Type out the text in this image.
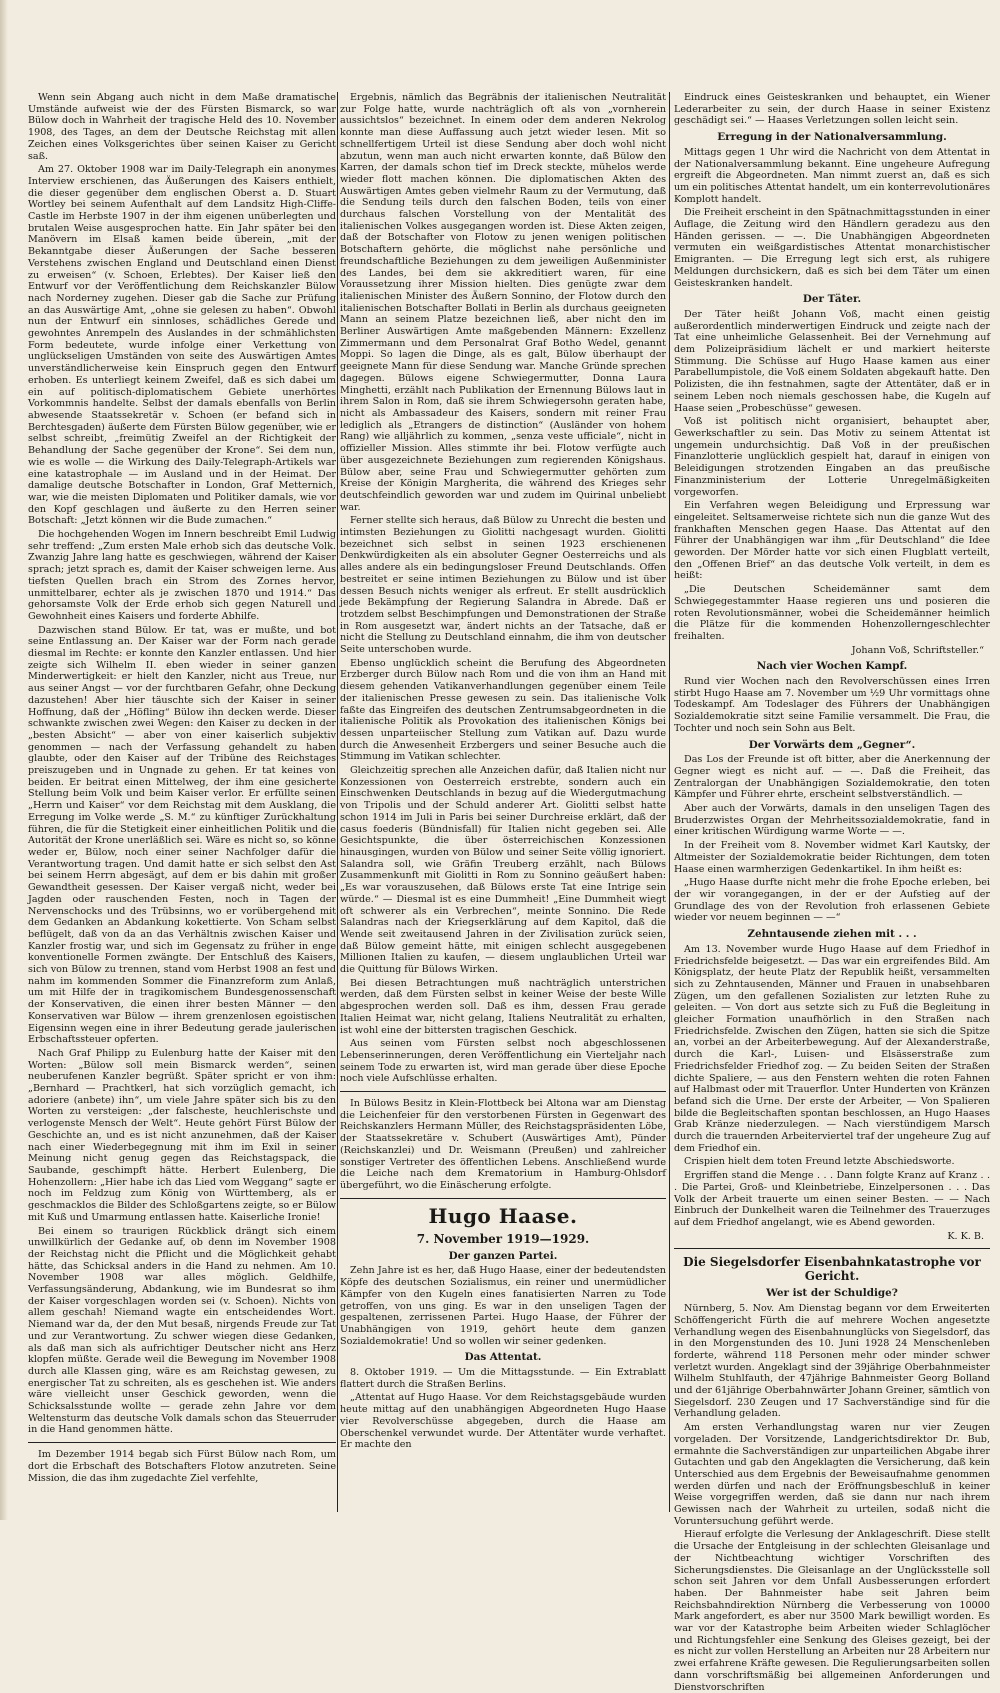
Wenn sein Abgang auch nicht in dem Maße dramatische Umstände aufweist wie der des Fürsten Bismarck, so war Bülow doch in Wahrheit der tragische Held des 10. November 1908, des Tages, an dem der Deutsche Reichstag mit allen Zeichen eines Volksgerichtes über seinen Kaiser zu Gericht saß.

Am 27. Oktober 1908 war im Daily-Telegraph ein anonymes Interview erschienen, das Äußerungen des Kaisers enthielt, die dieser gegenüber dem englischen Oberst a. D. Stuart Wortley bei seinem Aufenthalt auf dem Landsitz High-Cliffe-Castle im Herbste 1907 in der ihm eigenen unüberlegten und brutalen Weise ausgesprochen hatte. Ein Jahr später bei den Manövern im Elsaß kamen beide überein, „mit der Bekanntgabe dieser Äußerungen der Sache besseren Verstehens zwischen England und Deutschland einen Dienst zu erweisen“ (v. Schoen, Erlebtes). Der Kaiser ließ den Entwurf vor der Veröffentlichung dem Reichskanzler Bülow nach Norderney zugehen. Dieser gab die Sache zur Prüfung an das Auswärtige Amt, „ohne sie gelesen zu haben“. Obwohl nun der Entwurf ein sinnloses, schädliches Gerede und gewohntes Anrempeln des Auslandes in der schmählichsten Form bedeutete, wurde infolge einer Verkettung von unglückseligen Umständen von seite des Auswärtigen Amtes unverständlicherweise kein Einspruch gegen den Entwurf erhoben. Es unterliegt keinem Zweifel, daß es sich dabei um ein auf politisch-diplomatischem Gebiete unerhörtes Vorkommnis handelte. Selbst der damals ebenfalls von Berlin abwesende Staatssekretär v. Schoen (er befand sich in Berchtesgaden) äußerte dem Fürsten Bülow gegenüber, wie er selbst schreibt, „freimütig Zweifel an der Richtigkeit der Behandlung der Sache gegenüber der Krone“. Sei dem nun, wie es wolle — die Wirkung des Daily-Telegraph-Artikels war eine katastrophale — im Ausland und in der Heimat. Der damalige deutsche Botschafter in London, Graf Metternich, war, wie die meisten Diplomaten und Politiker damals, wie vor den Kopf geschlagen und äußerte zu den Herren seiner Botschaft: „Jetzt können wir die Bude zumachen.“

Die hochgehenden Wogen im Innern beschreibt Emil Ludwig sehr treffend: „Zum ersten Male erhob sich das deutsche Volk. Zwanzig Jahre lang hatte es geschwiegen, während der Kaiser sprach; jetzt sprach es, damit der Kaiser schweigen lerne. Aus tiefsten Quellen brach ein Strom des Zornes hervor, unmittelbarer, echter als je zwischen 1870 und 1914.“ Das gehorsamste Volk der Erde erhob sich gegen Naturell und Gewohnheit eines Kaisers und forderte Abhilfe.

Dazwischen stand Bülow. Er tat, was er mußte, und bot seine Entlassung an. Der Kaiser war der Form nach gerade diesmal im Rechte: er konnte den Kanzler entlassen. Und hier zeigte sich Wilhelm II. eben wieder in seiner ganzen Minderwertigkeit: er hielt den Kanzler, nicht aus Treue, nur aus seiner Angst — vor der furchtbaren Gefahr, ohne Deckung dazustehen! Aber hier täuschte sich der Kaiser in seiner Hoffnung, daß der „Höfling“ Bülow ihn decken werde. Dieser schwankte zwischen zwei Wegen: den Kaiser zu decken in der „besten Absicht“ — aber von einer kaiserlich subjektiv genommen — nach der Verfassung gehandelt zu haben glaubte, oder den Kaiser auf der Tribüne des Reichstages preiszugeben und in Ungnade zu gehen. Er tat keines von beiden. Er beitrat einen Mittelweg, der ihm eine gesicherte Stellung beim Volk und beim Kaiser verlor. Er erfüllte seinen „Herrn und Kaiser“ vor dem Reichstag mit dem Ausklang, die Erregung im Volke werde „S. M.“ zu künftiger Zurückhaltung führen, die für die Stetigkeit einer einheitlichen Politik und die Autorität der Krone unerläßlich sei. Wäre es nicht so, so könne weder er, Bülow, noch einer seiner Nachfolger dafür die Verantwortung tragen. Und damit hatte er sich selbst den Ast bei seinem Herrn abgesägt, auf dem er bis dahin mit großer Gewandtheit gesessen. Der Kaiser vergaß nicht, weder bei Jagden oder rauschenden Festen, noch in Tagen der Nervenschocks und des Trübsinns, wo er vorübergehend mit dem Gedanken an Abdankung kokettierte. Von Scham selbst beflügelt, daß von da an das Verhältnis zwischen Kaiser und Kanzler frostig war, und sich im Gegensatz zu früher in enge konventionelle Formen zwängte. Der Entschluß des Kaisers, sich von Bülow zu trennen, stand vom Herbst 1908 an fest und nahm im kommenden Sommer die Finanzreform zum Anlaß, um mit Hilfe der in tragikomischem Bundesgenossenschaft der Konservativen, die einen ihrer besten Männer — den Konservativen war Bülow — ihrem grenzenlosen egoistischen Eigensinn wegen eine in ihrer Bedeutung gerade jaulerischen Erbschaftssteuer opferten.

Nach Graf Philipp zu Eulenburg hatte der Kaiser mit den Worten: „Bülow soll mein Bismarck werden“, seinen neuberufenen Kanzler begrüßt. Später spricht er von ihm: „Bernhard — Prachtkerl, hat sich vorzüglich gemacht, ich adoriere (anbete) ihn“, um viele Jahre später sich bis zu den Worten zu versteigen: „der falscheste, heuchlerischste und verlogenste Mensch der Welt“. Heute gehört Fürst Bülow der Geschichte an, und es ist nicht anzunehmen, daß der Kaiser nach einer Wiederbegegnung mit ihm im Exil in seiner Meinung nicht genug gegen das Reichstagspack, die Saubande, geschimpft hätte. Herbert Eulenberg, Die Hohenzollern: „Hier habe ich das Lied vom Weggang“ sagte er noch im Feldzug zum König von Württemberg, als er geschmacklos die Bilder des Schloßgartens zeigte, so er Bülow mit Kuß und Umarmung entlassen hatte. Kaiserliche Ironie!

Bei einem so traurigen Rückblick drängt sich einem unwillkürlich der Gedanke auf, ob denn im November 1908 der Reichstag nicht die Pflicht und die Möglichkeit gehabt hätte, das Schicksal anders in die Hand zu nehmen. Am 10. November 1908 war alles möglich. Geldhilfe, Verfassungsänderung, Abdankung, wie im Bundesrat so ihm der Kaiser vorgeschlagen worden sei (v. Schoen). Nichts von allem geschah! Niemand wagte ein entscheidendes Wort. Niemand war da, der den Mut besaß, nirgends Freude zur Tat und zur Verantwortung. Zu schwer wiegen diese Gedanken, als daß man sich als aufrichtiger Deutscher nicht ans Herz klopfen müßte. Gerade weil die Bewegung im November 1908 durch alle Klassen ging, wäre es am Reichstag gewesen, zu energischer Tat zu schreiten, als es geschehen ist. Wie anders wäre vielleicht unser Geschick geworden, wenn die Schicksalsstunde wollte — gerade zehn Jahre vor dem Weltensturm das deutsche Volk damals schon das Steuerruder in die Hand genommen hätte.

Im Dezember 1914 begab sich Fürst Bülow nach Rom, um dort die Erbschaft des Botschafters Flotow anzutreten. Seine Mission, die das ihm zugedachte Ziel verfehlte,

Ergebnis, nämlich das Begräbnis der italienischen Neutralität zur Folge hatte, wurde nachträglich oft als von „vornherein aussichtslos“ bezeichnet. In einem oder dem anderen Nekrolog konnte man diese Auffassung auch jetzt wieder lesen. Mit so schnellfertigem Urteil ist diese Sendung aber doch wohl nicht abzutun, wenn man auch nicht erwarten konnte, daß Bülow den Karren, der damals schon tief im Dreck steckte, mühelos werde wieder flott machen können. Die diplomatischen Akten des Auswärtigen Amtes geben vielmehr Raum zu der Vermutung, daß die Sendung teils durch den falschen Boden, teils von einer durchaus falschen Vorstellung von der Mentalität des italienischen Volkes ausgegangen worden ist. Diese Akten zeigen, daß der Botschafter von Flotow zu jenen wenigen politischen Botschaftern gehörte, die möglichst nahe persönliche und freundschaftliche Beziehungen zu dem jeweiligen Außenminister des Landes, bei dem sie akkreditiert waren, für eine Voraussetzung ihrer Mission hielten. Dies genügte zwar dem italienischen Minister des Äußern Sonnino, der Flotow durch den italienischen Botschafter Bollati in Berlin als durchaus geeigneten Mann an seinem Platze bezeichnen ließ, aber nicht den im Berliner Auswärtigen Amte maßgebenden Männern: Exzellenz Zimmermann und dem Personalrat Graf Botho Wedel, genannt Moppi. So lagen die Dinge, als es galt, Bülow überhaupt der geeignete Mann für diese Sendung war. Manche Gründe sprechen dagegen. Bülows eigene Schwiegermutter, Donna Laura Minghetti, erzählt nach Publikation der Ernennung Bülows laut in ihrem Salon in Rom, daß sie ihrem Schwiegersohn geraten habe, nicht als Ambassadeur des Kaisers, sondern mit reiner Frau lediglich als „Etrangers de distinction“ (Ausländer von hohem Rang) wie alljährlich zu kommen, „senza veste ufficiale“, nicht in offizieller Mission. Alles stimmte ihr bei. Flotow verfügte auch über ausgezeichnete Beziehungen zum regierenden Königshaus. Bülow aber, seine Frau und Schwiegermutter gehörten zum Kreise der Königin Margherita, die während des Krieges sehr deutschfeindlich geworden war und zudem im Quirinal unbeliebt war.

Ferner stellte sich heraus, daß Bülow zu Unrecht die besten und intimsten Beziehungen zu Giolitti nachgesagt wurden. Giolitti bezeichnet sich selbst in seinen 1923 erschienenen Denkwürdigkeiten als ein absoluter Gegner Oesterreichs und als alles andere als ein bedingungsloser Freund Deutschlands. Offen bestreitet er seine intimen Beziehungen zu Bülow und ist über dessen Besuch nichts weniger als erfreut. Er stellt ausdrücklich jede Bekämpfung der Regierung Salandra in Abrede. Daß er trotzdem selbst Beschimpfungen und Demonstrationen der Straße in Rom ausgesetzt war, ändert nichts an der Tatsache, daß er nicht die Stellung zu Deutschland einnahm, die ihm von deutscher Seite unterschoben wurde.

Ebenso unglücklich scheint die Berufung des Abgeordneten Erzberger durch Bülow nach Rom und die von ihm an Hand mit diesem gehenden Vatikanverhandlungen gegenüber einem Teile der italienischen Presse gewesen zu sein. Das italienische Volk faßte das Eingreifen des deutschen Zentrumsabgeordneten in die italienische Politik als Provokation des italienischen Königs bei dessen unparteiischer Stellung zum Vatikan auf. Dazu wurde durch die Anwesenheit Erzbergers und seiner Besuche auch die Stimmung im Vatikan schlechter.

Gleichzeitig sprechen alle Anzeichen dafür, daß Italien nicht nur Konzessionen von Oesterreich erstrebte, sondern auch ein Einschwenken Deutschlands in bezug auf die Wiedergutmachung von Tripolis und der Schuld anderer Art. Giolitti selbst hatte schon 1914 im Juli in Paris bei seiner Durchreise erklärt, daß der casus foederis (Bündnisfall) für Italien nicht gegeben sei. Alle Gesichtspunkte, die über österreichischen Konzessionen hinausgingen, wurden von Bülow und seiner Seite völlig ignoriert. Salandra soll, wie Gräfin Treuberg erzählt, nach Bülows Zusammenkunft mit Giolitti in Rom zu Sonnino geäußert haben: „Es war vorauszusehen, daß Bülows erste Tat eine Intrige sein würde.“ — Diesmal ist es eine Dummheit! „Eine Dummheit wiegt oft schwerer als ein Verbrechen“, meinte Sonnino. Die Rede Salandras nach der Kriegserklärung auf dem Kapitol, daß die Wende seit zweitausend Jahren in der Zivilisation zurück seien, daß Bülow gemeint hätte, mit einigen schlecht ausgegebenen Millionen Italien zu kaufen, — diesem unglaublichen Urteil war die Quittung für Bülows Wirken.

Bei diesen Betrachtungen muß nachträglich unterstrichen werden, daß dem Fürsten selbst in keiner Weise der beste Wille abgesprochen werden soll. Daß es ihm, dessen Frau gerade Italien Heimat war, nicht gelang, Italiens Neutralität zu erhalten, ist wohl eine der bittersten tragischen Geschick.

Aus seinen vom Fürsten selbst noch abgeschlossenen Lebenserinnerungen, deren Veröffentlichung ein Vierteljahr nach seinem Tode zu erwarten ist, wird man gerade über diese Epoche noch viele Aufschlüsse erhalten.

In Bülows Besitz in Klein-Flottbeck bei Altona war am Dienstag die Leichenfeier für den verstorbenen Fürsten in Gegenwart des Reichskanzlers Hermann Müller, des Reichstagspräsidenten Löbe, der Staatssekretäre v. Schubert (Auswärtiges Amt), Pünder (Reichskanzlei) und Dr. Weismann (Preußen) und zahlreicher sonstiger Vertreter des öffentlichen Lebens. Anschließend wurde die Leiche nach dem Krematorium in Hamburg-Ohlsdorf übergeführt, wo die Einäscherung erfolgte.

Hugo Haase.
7. November 1919—1929.
Der ganzen Partei.

Zehn Jahre ist es her, daß Hugo Haase, einer der bedeutendsten Köpfe des deutschen Sozialismus, ein reiner und unermüdlicher Kämpfer von den Kugeln eines fanatisierten Narren zu Tode getroffen, von uns ging. Es war in den unseligen Tagen der gespaltenen, zerrissenen Partei. Hugo Haase, der Führer der Unabhängigen von 1919, gehört heute dem ganzen Sozialdemokratie! Und so wollen wir seiner gedenken.

Das Attentat.

8. Oktober 1919. — Um die Mittagsstunde. — Ein Extrablatt flattert durch die Straßen Berlins.

„Attentat auf Hugo Haase. Vor dem Reichstagsgebäude wurden heute mittag auf den unabhängigen Abgeordneten Hugo Haase vier Revolverschüsse abgegeben, durch die Haase am Oberschenkel verwundet wurde. Der Attentäter wurde verhaftet. Er machte den

Eindruck eines Geisteskranken und behauptet, ein Wiener Lederarbeiter zu sein, der durch Haase in seiner Existenz geschädigt sei.“ — Haases Verletzungen sollen leicht sein.

Erregung in der Nationalversammlung.

Mittags gegen 1 Uhr wird die Nachricht von dem Attentat in der Nationalversammlung bekannt. Eine ungeheure Aufregung ergreift die Abgeordneten. Man nimmt zuerst an, daß es sich um ein politisches Attentat handelt, um ein konterrevolutionäres Komplott handelt.

Die Freiheit erscheint in den Spätnachmittagsstunden in einer Auflage, die Zeitung wird den Händlern geradezu aus den Händen gerissen. — —. Die Unabhängigen Abgeordneten vermuten ein weißgardistisches Attentat monarchistischer Emigranten. — Die Erregung legt sich erst, als ruhigere Meldungen durchsickern, daß es sich bei dem Täter um einen Geisteskranken handelt.

Der Täter.

Der Täter heißt Johann Voß, macht einen geistig außerordentlich minderwertigen Eindruck und zeigte nach der Tat eine unheimliche Gelassenheit. Bei der Vernehmung auf dem Polizeipräsidium lächelt er und markiert heiterste Stimmung. Die Schüsse auf Hugo Haase kamen aus einer Parabellumpistole, die Voß einem Soldaten abgekauft hatte. Den Polizisten, die ihn festnahmen, sagte der Attentäter, daß er in seinem Leben noch niemals geschossen habe, die Kugeln auf Haase seien „Probeschüsse“ gewesen.

Voß ist politisch nicht organisiert, behauptet aber, Gewerkschaftler zu sein. Das Motiv zu seinem Attentat ist ungemein undurchsichtig. Daß Voß in der preußischen Finanzlotterie unglücklich gespielt hat, darauf in einigen von Beleidigungen strotzenden Eingaben an das preußische Finanzministerium der Lotterie Unregelmäßigkeiten vorgeworfen.

Ein Verfahren wegen Beleidigung und Erpressung war eingeleitet. Seltsamerweise richtete sich nun die ganze Wut des frankhaften Menschen gegen Haase. Das Attentat auf den Führer der Unabhängigen war ihm „für Deutschland“ die Idee geworden. Der Mörder hatte vor sich einen Flugblatt verteilt, den „Offenen Brief“ an das deutsche Volk verteilt, in dem es heißt:

„Die Deutschen Scheidemänner samt dem Schwiegegestammter Haase regieren uns und posieren die roten Revolutionsmänner, wobei die Scheidemänner heimlich die Plätze für die kommenden Hohenzollerngeschlechter freihalten.

Johann Voß, Schriftsteller.“

Nach vier Wochen Kampf.

Rund vier Wochen nach den Revolverschüssen eines Irren stirbt Hugo Haase am 7. November um ½9 Uhr vormittags ohne Todeskampf. Am Todeslager des Führers der Unabhängigen Sozialdemokratie sitzt seine Familie versammelt. Die Frau, die Tochter und noch sein Sohn aus Belt.

Der Vorwärts dem „Gegner“.

Das Los der Freunde ist oft bitter, aber die Anerkennung der Gegner wiegt es nicht auf. — —. Daß die Freiheit, das Zentralorgan der Unabhängigen Sozialdemokratie, den toten Kämpfer und Führer ehrte, erscheint selbstverständlich. —

Aber auch der Vorwärts, damals in den unseligen Tagen des Bruderzwistes Organ der Mehrheitssozialdemokratie, fand in einer kritischen Würdigung warme Worte — —.

In der Freiheit vom 8. November widmet Karl Kautsky, der Altmeister der Sozialdemokratie beider Richtungen, dem toten Haase einen warmherzigen Gedenkartikel. In ihm heißt es:

„Hugo Haase durfte nicht mehr die frohe Epoche erleben, bei der wir vorangegangen, in der er der Aufstieg auf der Grundlage des von der Revolution froh erlassenen Gebiete wieder vor neuem beginnen — —“

Zehntausende ziehen mit . . .

Am 13. November wurde Hugo Haase auf dem Friedhof in Friedrichsfelde beigesetzt. — Das war ein ergreifendes Bild. Am Königsplatz, der heute Platz der Republik heißt, versammelten sich zu Zehntausenden, Männer und Frauen in unabsehbaren Zügen, um den gefallenen Sozialisten zur letzten Ruhe zu geleiten. — Von dort aus setzte sich zu Fuß die Begleitung in gleicher Formation unaufhörlich in den Straßen nach Friedrichsfelde. Zwischen den Zügen, hatten sie sich die Spitze an, vorbei an der Arbeiterbewegung. Auf der Alexanderstraße, durch die Karl-, Luisen- und Elsässerstraße zum Friedrichsfelder Friedhof zog. — Zu beiden Seiten der Straßen dichte Spaliere, — aus den Fenstern wehten die roten Fahnen auf Halbmast oder mit Trauerflor. Unter Hunderten von Kränzen befand sich die Urne. Der erste der Arbeiter, — Von Spalieren bilde die Begleitschaften spontan beschlossen, an Hugo Haases Grab Kränze niederzulegen. — Nach vierstündigem Marsch durch die trauernden Arbeiterviertel traf der ungeheure Zug auf dem Friedhof ein.

Crispien hielt dem toten Freund letzte Abschiedsworte.

Ergriffen stand die Menge . . . Dann folgte Kranz auf Kranz . . . Die Partei, Groß- und Kleinbetriebe, Einzelpersonen . . . Das Volk der Arbeit trauerte um einen seiner Besten. — — Nach Einbruch der Dunkelheit waren die Teilnehmer des Trauerzuges auf dem Friedhof angelangt, wie es Abend geworden.

K. K. B.

Die Siegelsdorfer Eisenbahnkatastrophe vor Gericht.
Wer ist der Schuldige?

Nürnberg, 5. Nov. Am Dienstag begann vor dem Erweiterten Schöffengericht Fürth die auf mehrere Wochen angesetzte Verhandlung wegen des Eisenbahnunglücks von Siegelsdorf, das in den Morgenstunden des 10. Juni 1928 24 Menschenleben forderte, während 118 Personen mehr oder minder schwer verletzt wurden. Angeklagt sind der 39jährige Oberbahnmeister Wilhelm Stuhlfauth, der 47jährige Bahnmeister Georg Bolland und der 61jährige Oberbahnwärter Johann Greiner, sämtlich von Siegelsdorf. 230 Zeugen und 17 Sachverständige sind für die Verhandlung geladen.

Am ersten Verhandlungstag waren nur vier Zeugen vorgeladen. Der Vorsitzende, Landgerichtsdirektor Dr. Bub, ermahnte die Sachverständigen zur unparteilichen Abgabe ihrer Gutachten und gab den Angeklagten die Versicherung, daß kein Unterschied aus dem Ergebnis der Beweisaufnahme genommen werden dürfen und nach der Eröffnungsbeschluß in keiner Weise vorgegriffen werden, daß sie dann nur nach ihrem Gewissen nach der Wahrheit zu urteilen, sodaß nicht die Voruntersuchung geführt werde.

Hierauf erfolgte die Verlesung der Anklageschrift. Diese stellt die Ursache der Entgleisung in der schlechten Gleisanlage und der Nichtbeachtung wichtiger Vorschriften des Sicherungsdienstes. Die Gleisanlage an der Unglücksstelle soll schon seit Jahren vor dem Unfall Ausbesserungen erfordert haben. Der Bahnmeister habe seit Jahren beim Reichsbahndirektion Nürnberg die Verbesserung von 10000 Mark angefordert, es aber nur 3500 Mark bewilligt worden. Es war vor der Katastrophe beim Arbeiten wieder Schlaglöcher und Richtungsfehler eine Senkung des Gleises gezeigt, bei der es nicht zur vollen Herstellung an Arbeiten nur 28 Arbeitern nur zwei erfahrene Kräfte gewesen. Die Regulierungsarbeiten sollen dann vorschriftsmäßig bei allgemeinen Anforderungen und Dienstvorschriften
